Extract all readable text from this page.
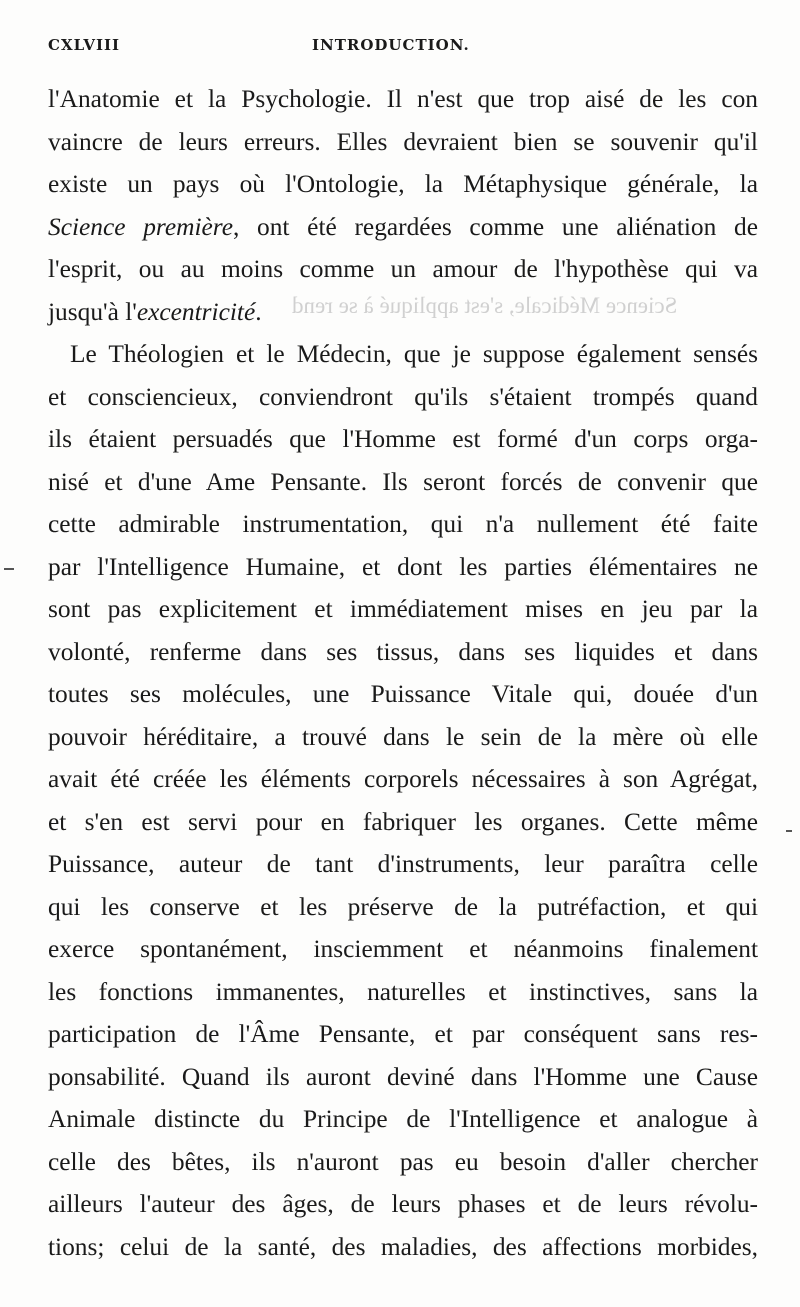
CXLVIII	INTRODUCTION.
Science Médicale, s'est appliqué à se rend
l'Anatomie et la Psychologie. Il n'est que trop aisé de les con
vaincre de leurs erreurs. Elles devraient bien se souvenir qu'il
existe un pays où l'Ontologie, la Métaphysique générale, la
Science première, ont été regardées comme une aliénation de
l'esprit, ou au moins comme un amour de l'hypothèse qui va
jusqu'à l'excentricité.
Le Théologien et le Médecin, que je suppose également sensés
et consciencieux, conviendront qu'ils s'étaient trompés quand
ils étaient persuadés que l'Homme est formé d'un corps orga-
nisé et d'une Ame Pensante. Ils seront forcés de convenir que
cette admirable instrumentation, qui n'a nullement été faite
par l'Intelligence Humaine, et dont les parties élémentaires ne
sont pas explicitement et immédiatement mises en jeu par la
volonté, renferme dans ses tissus, dans ses liquides et dans
toutes ses molécules, une Puissance Vitale qui, douée d'un
pouvoir héréditaire, a trouvé dans le sein de la mère où elle
avait été créée les éléments corporels nécessaires à son Agrégat,
et s'en est servi pour en fabriquer les organes. Cette même
Puissance, auteur de tant d'instruments, leur paraîtra celle
qui les conserve et les préserve de la putréfaction, et qui
exerce spontanément, insciemment et néanmoins finalement
les fonctions immanentes, naturelles et instinctives, sans la
participation de l'Âme Pensante, et par conséquent sans res-
ponsabilité. Quand ils auront deviné dans l'Homme une Cause
Animale distincte du Principe de l'Intelligence et analogue à
celle des bêtes, ils n'auront pas eu besoin d'aller chercher
ailleurs l'auteur des âges, de leurs phases et de leurs révolu-
tions; celui de la santé, des maladies, des affections morbides,
